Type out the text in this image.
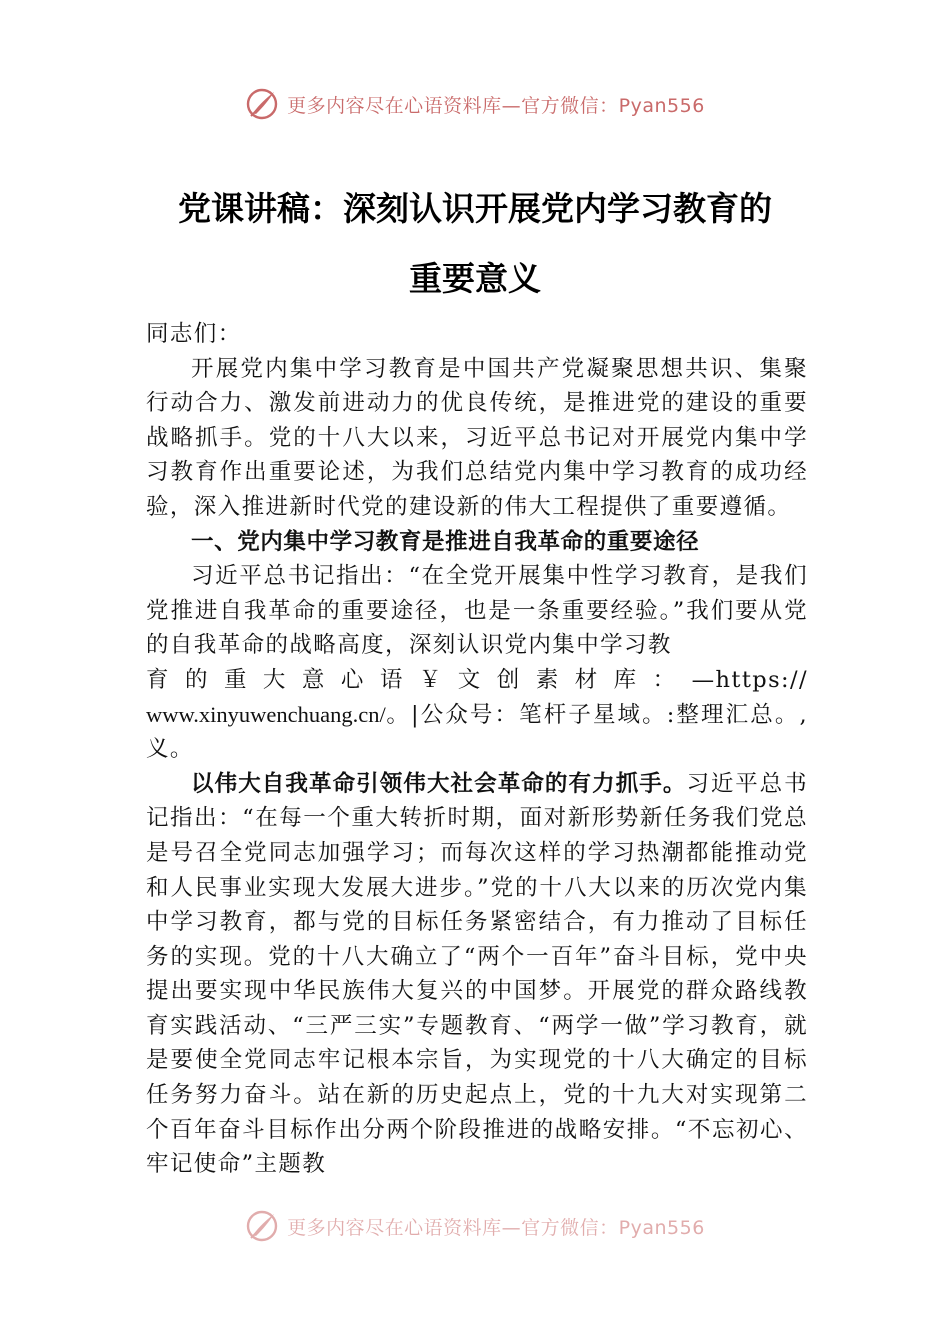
更多内容尽在心语资料库—官方微信：Pyan556
党课讲稿：深刻认识开展党内学习教育的
重要意义

同志们：

开展党内集中学习教育是中国共产党凝聚思想共识、集聚行动合力、激发前进动力的优良传统，是推进党的建设的重要战略抓手。党的十八大以来，习近平总书记对开展党内集中学习教育作出重要论述，为我们总结党内集中学习教育的成功经验，深入推进新时代党的建设新的伟大工程提供了重要遵循。

一、党内集中学习教育是推进自我革命的重要途径

习近平总书记指出：“在全党开展集中性学习教育，是我们党推进自我革命的重要途径，也是一条重要经验。”我们要从党的自我革命的战略高度，深刻认识党内集中学习教

育的重大意心语￥文创素材库：—https://

www.xinyuwenchuang.cn/。|公众号：笔杆子星域。:整理汇总。,义。

以伟大自我革命引领伟大社会革命的有力抓手。习近平总书记指出：“在每一个重大转折时期，面对新形势新任务我们党总是号召全党同志加强学习；而每次这样的学习热潮都能推动党和人民事业实现大发展大进步。”党的十八大以来的历次党内集中学习教育，都与党的目标任务紧密结合，有力推动了目标任务的实现。党的十八大确立了“两个一百年”奋斗目标，党中央提出要实现中华民族伟大复兴的中国梦。开展党的群众路线教育实践活动、“三严三实”专题教育、“两学一做”学习教育，就是要使全党同志牢记根本宗旨，为实现党的十八大确定的目标任务努力奋斗。站在新的历史起点上，党的十九大对实现第二个百年奋斗目标作出分两个阶段推进的战略安排。“不忘初心、牢记使命”主题教

更多内容尽在心语资料库—官方微信：Pyan556
